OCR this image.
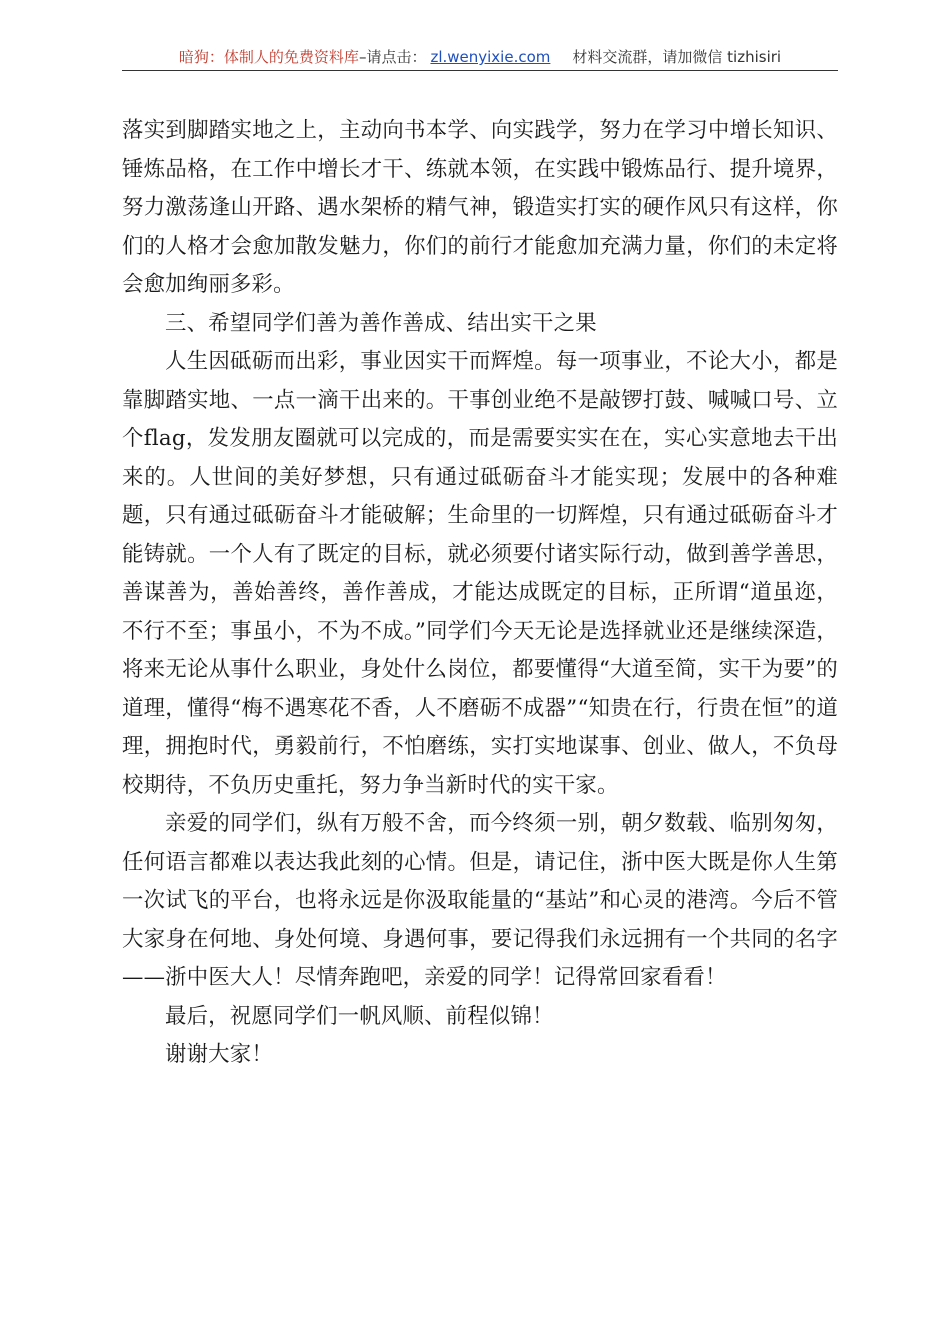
暗狗：体制人的免费资料库–请点击： zl.wenyixie.com 材料交流群，请加微信 tizhisiri

落实到脚踏实地之上，主动向书本学、向实践学，努力在学习中增长知识、锤炼品格，在工作中增长才干、练就本领，在实践中锻炼品行、提升境界，努力激荡逢山开路、遇水架桥的精气神，锻造实打实的硬作风只有这样，你们的人格才会愈加散发魅力，你们的前行才能愈加充满力量，你们的未定将会愈加绚丽多彩。

三、希望同学们善为善作善成、结出实干之果

人生因砥砺而出彩，事业因实干而辉煌。每一项事业，不论大小，都是靠脚踏实地、一点一滴干出来的。干事创业绝不是敲锣打鼓、喊喊口号、立个flag，发发朋友圈就可以完成的，而是需要实实在在，实心实意地去干出来的。人世间的美好梦想，只有通过砥砺奋斗才能实现；发展中的各种难题，只有通过砥砺奋斗才能破解；生命里的一切辉煌，只有通过砥砺奋斗才能铸就。一个人有了既定的目标，就必须要付诸实际行动，做到善学善思，善谋善为，善始善终，善作善成，才能达成既定的目标，正所谓“道虽迩，不行不至；事虽小，不为不成。”同学们今天无论是选择就业还是继续深造，将来无论从事什么职业，身处什么岗位，都要懂得“大道至简，实干为要”的道理，懂得“梅不遇寒花不香，人不磨砺不成器”“知贵在行，行贵在恒”的道理，拥抱时代，勇毅前行，不怕磨练，实打实地谋事、创业、做人，不负母校期待，不负历史重托，努力争当新时代的实干家。

亲爱的同学们，纵有万般不舍，而今终须一别，朝夕数载、临别匆匆，任何语言都难以表达我此刻的心情。但是，请记住，浙中医大既是你人生第一次试飞的平台，也将永远是你汲取能量的“基站”和心灵的港湾。今后不管大家身在何地、身处何境、身遇何事，要记得我们永远拥有一个共同的名字——浙中医大人！尽情奔跑吧，亲爱的同学！记得常回家看看！

最后，祝愿同学们一帆风顺、前程似锦！

谢谢大家！
